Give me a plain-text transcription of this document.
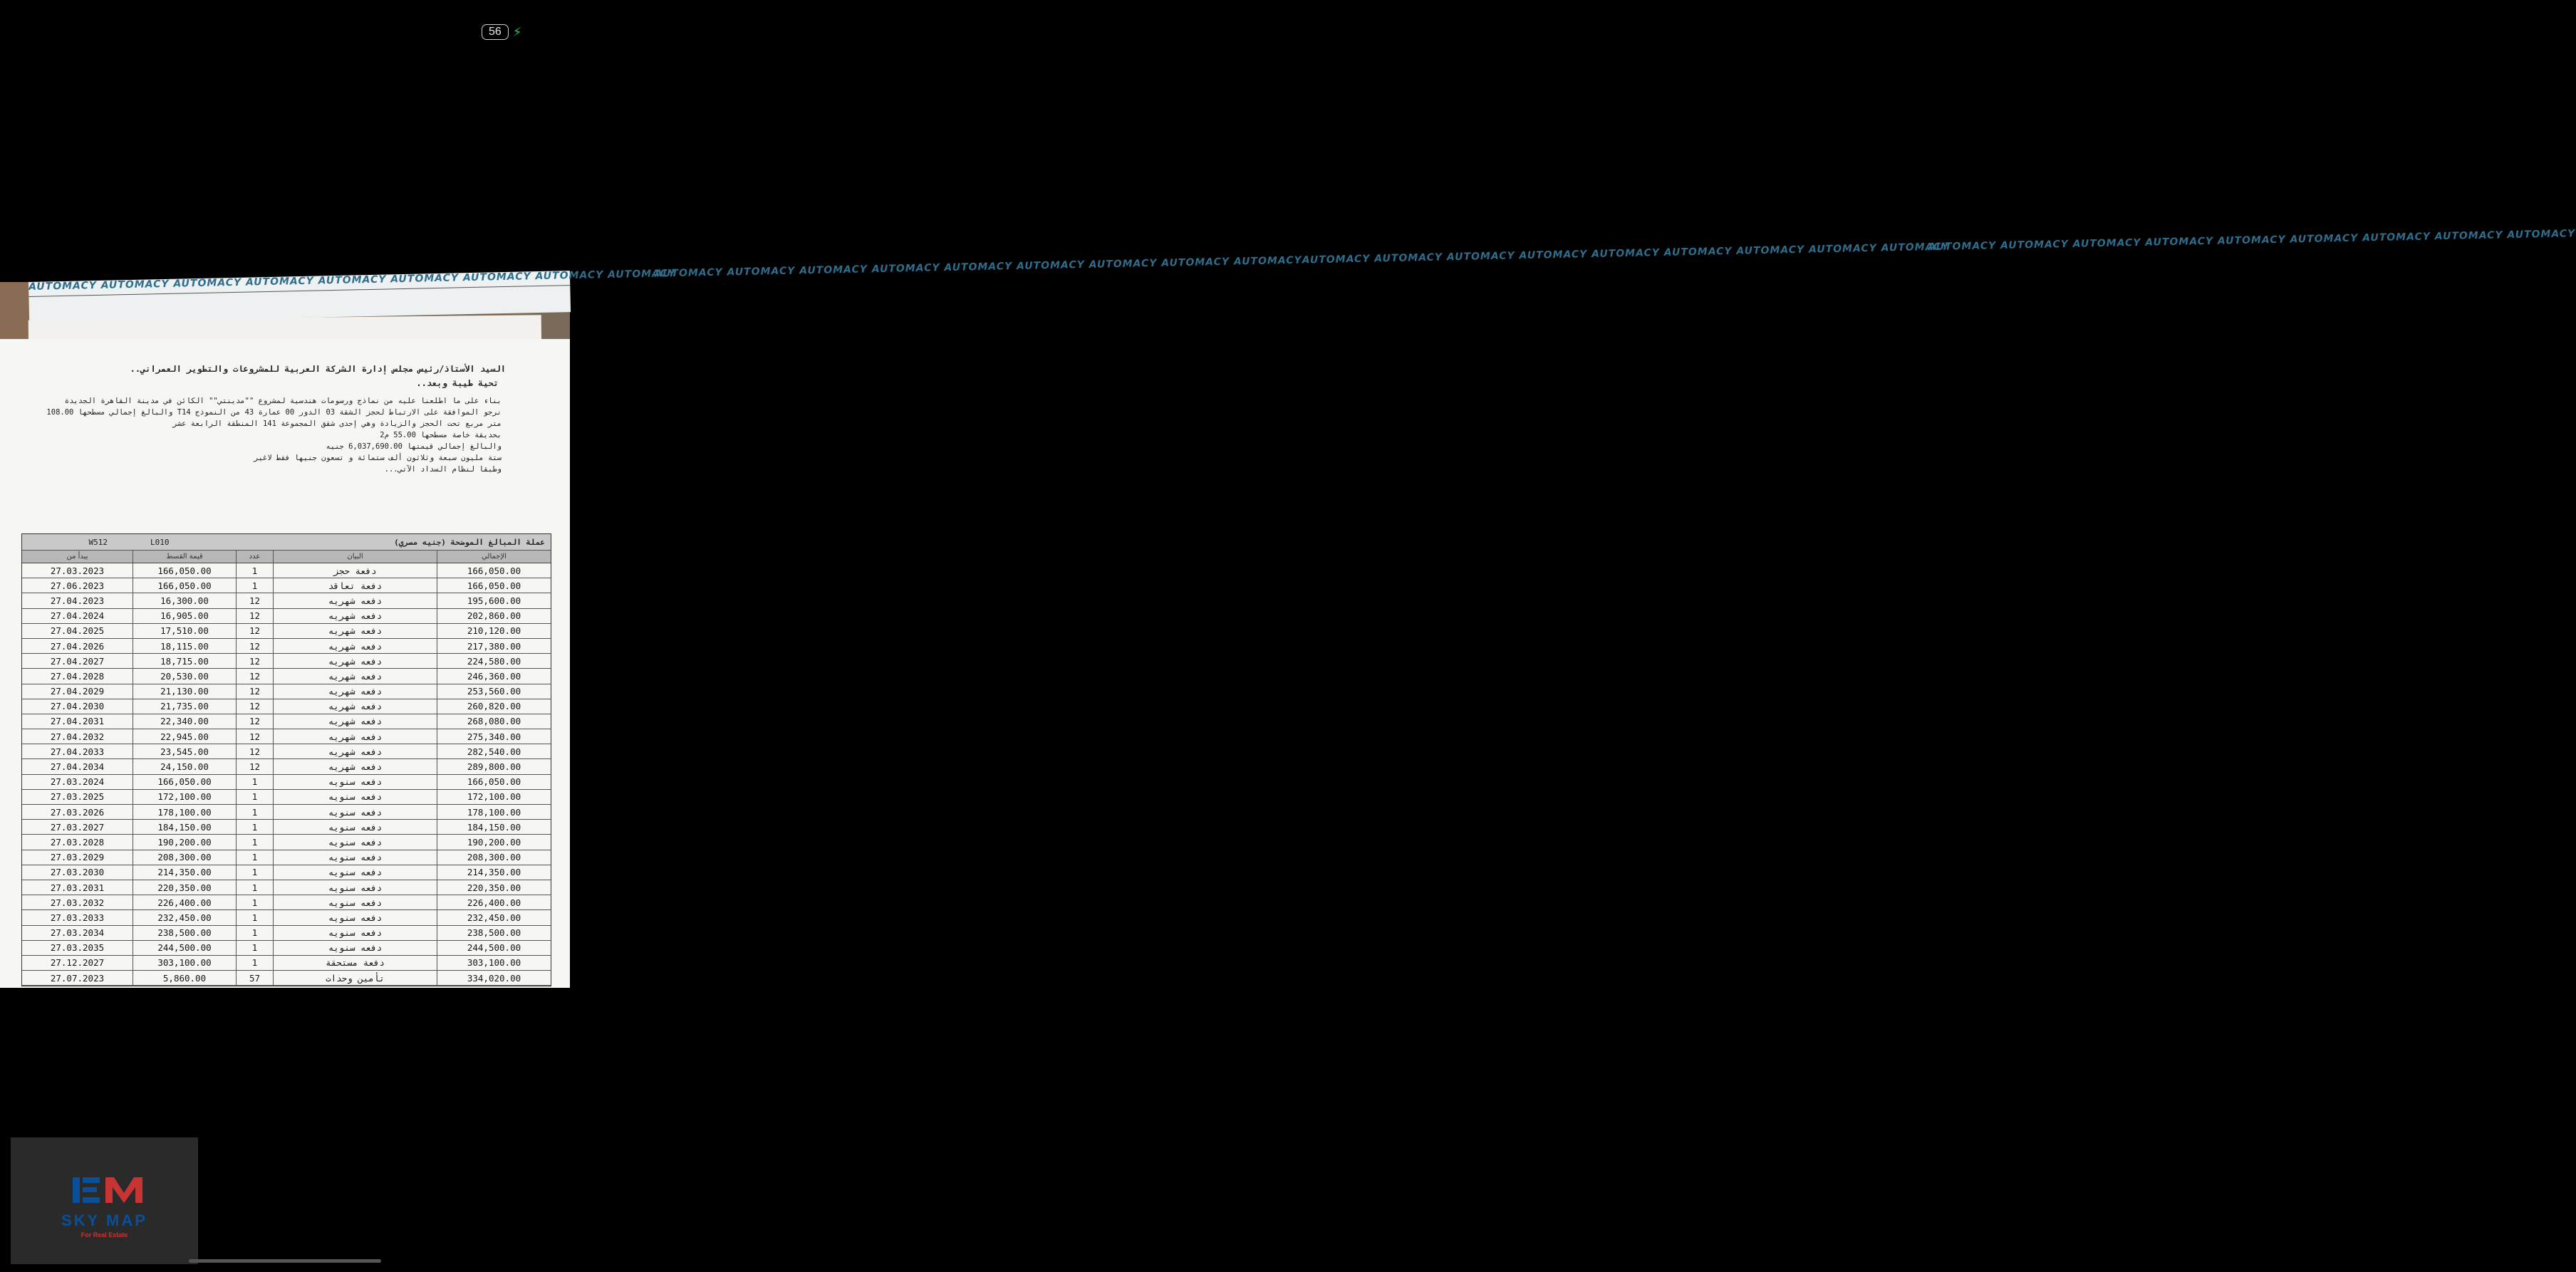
56 ⚡
AUTOMACY AUTOMACY AUTOMACY AUTOMACY AUTOMACY AUTOMACY AUTOMACY AUTOMACY AUTOMACY
AUTOMACY AUTOMACY AUTOMACY AUTOMACY AUTOMACY AUTOMACY AUTOMACY AUTOMACY AUTOMACY
AUTOMACY AUTOMACY AUTOMACY AUTOMACY AUTOMACY AUTOMACY AUTOMACY AUTOMACY AUTOMACY
AUTOMACY AUTOMACY AUTOMACY AUTOMACY AUTOMACY AUTOMACY AUTOMACY AUTOMACY AUTOMACY
السيد الأستاذ/رئيس مجلس إدارة الشركة العربية للمشروعات والتطوير العمراني..
تحية طيبة وبعد..
بناء على ما اطلعنا عليه من نماذج ورسومات هندسية لمشروع ""مدينتي"" الكائن في مدينة القاهرة الجديدة
نرجو الموافقة على الارتباط لحجز الشقة 03 الدور 00 عمارة 43 من النموذج T14 والبالغ إجمالي مسطحها 108.00
متر مربع تحت الحجز والزيادة وهي إحدى شقق المجموعة 141 المنطقة الرابعة عشر
بحديقة خاصة مسطحها 55.00 م2
والبالغ إجمالي قيمتها 6,037,690.00 جنيه
ستة مليون سبعة وثلاثون ألف ستمائة و تسعون جنيها فقط لاغير
وطبقا لنظام السداد الآتي...
W512	L010	عملة المبالغ الموضحة (جنيه مصري)
يبدأ من	قيمة القسط	عدد	البيان	الإجمالي
27.03.2023	166,050.00	1	دفعة حجز	166,050.00
27.06.2023	166,050.00	1	دفعة تعاقد	166,050.00
27.04.2023	16,300.00	12	دفعه شهريه	195,600.00
27.04.2024	16,905.00	12	دفعه شهريه	202,860.00
27.04.2025	17,510.00	12	دفعه شهريه	210,120.00
27.04.2026	18,115.00	12	دفعه شهريه	217,380.00
27.04.2027	18,715.00	12	دفعه شهريه	224,580.00
27.04.2028	20,530.00	12	دفعه شهريه	246,360.00
27.04.2029	21,130.00	12	دفعه شهريه	253,560.00
27.04.2030	21,735.00	12	دفعه شهريه	260,820.00
27.04.2031	22,340.00	12	دفعه شهريه	268,080.00
27.04.2032	22,945.00	12	دفعه شهريه	275,340.00
27.04.2033	23,545.00	12	دفعه شهريه	282,540.00
27.04.2034	24,150.00	12	دفعه شهريه	289,800.00
27.03.2024	166,050.00	1	دفعه سنويه	166,050.00
27.03.2025	172,100.00	1	دفعه سنويه	172,100.00
27.03.2026	178,100.00	1	دفعه سنويه	178,100.00
27.03.2027	184,150.00	1	دفعه سنويه	184,150.00
27.03.2028	190,200.00	1	دفعه سنويه	190,200.00
27.03.2029	208,300.00	1	دفعه سنويه	208,300.00
27.03.2030	214,350.00	1	دفعه سنويه	214,350.00
27.03.2031	220,350.00	1	دفعه سنويه	220,350.00
27.03.2032	226,400.00	1	دفعه سنويه	226,400.00
27.03.2033	232,450.00	1	دفعه سنويه	232,450.00
27.03.2034	238,500.00	1	دفعه سنويه	238,500.00
27.03.2035	244,500.00	1	دفعه سنويه	244,500.00
27.12.2027	303,100.00	1	دفعة مستحقة	303,100.00
27.07.2023	5,860.00	57	تأمين وحدات	334,020.00
SKY MAP
For Real Estate
